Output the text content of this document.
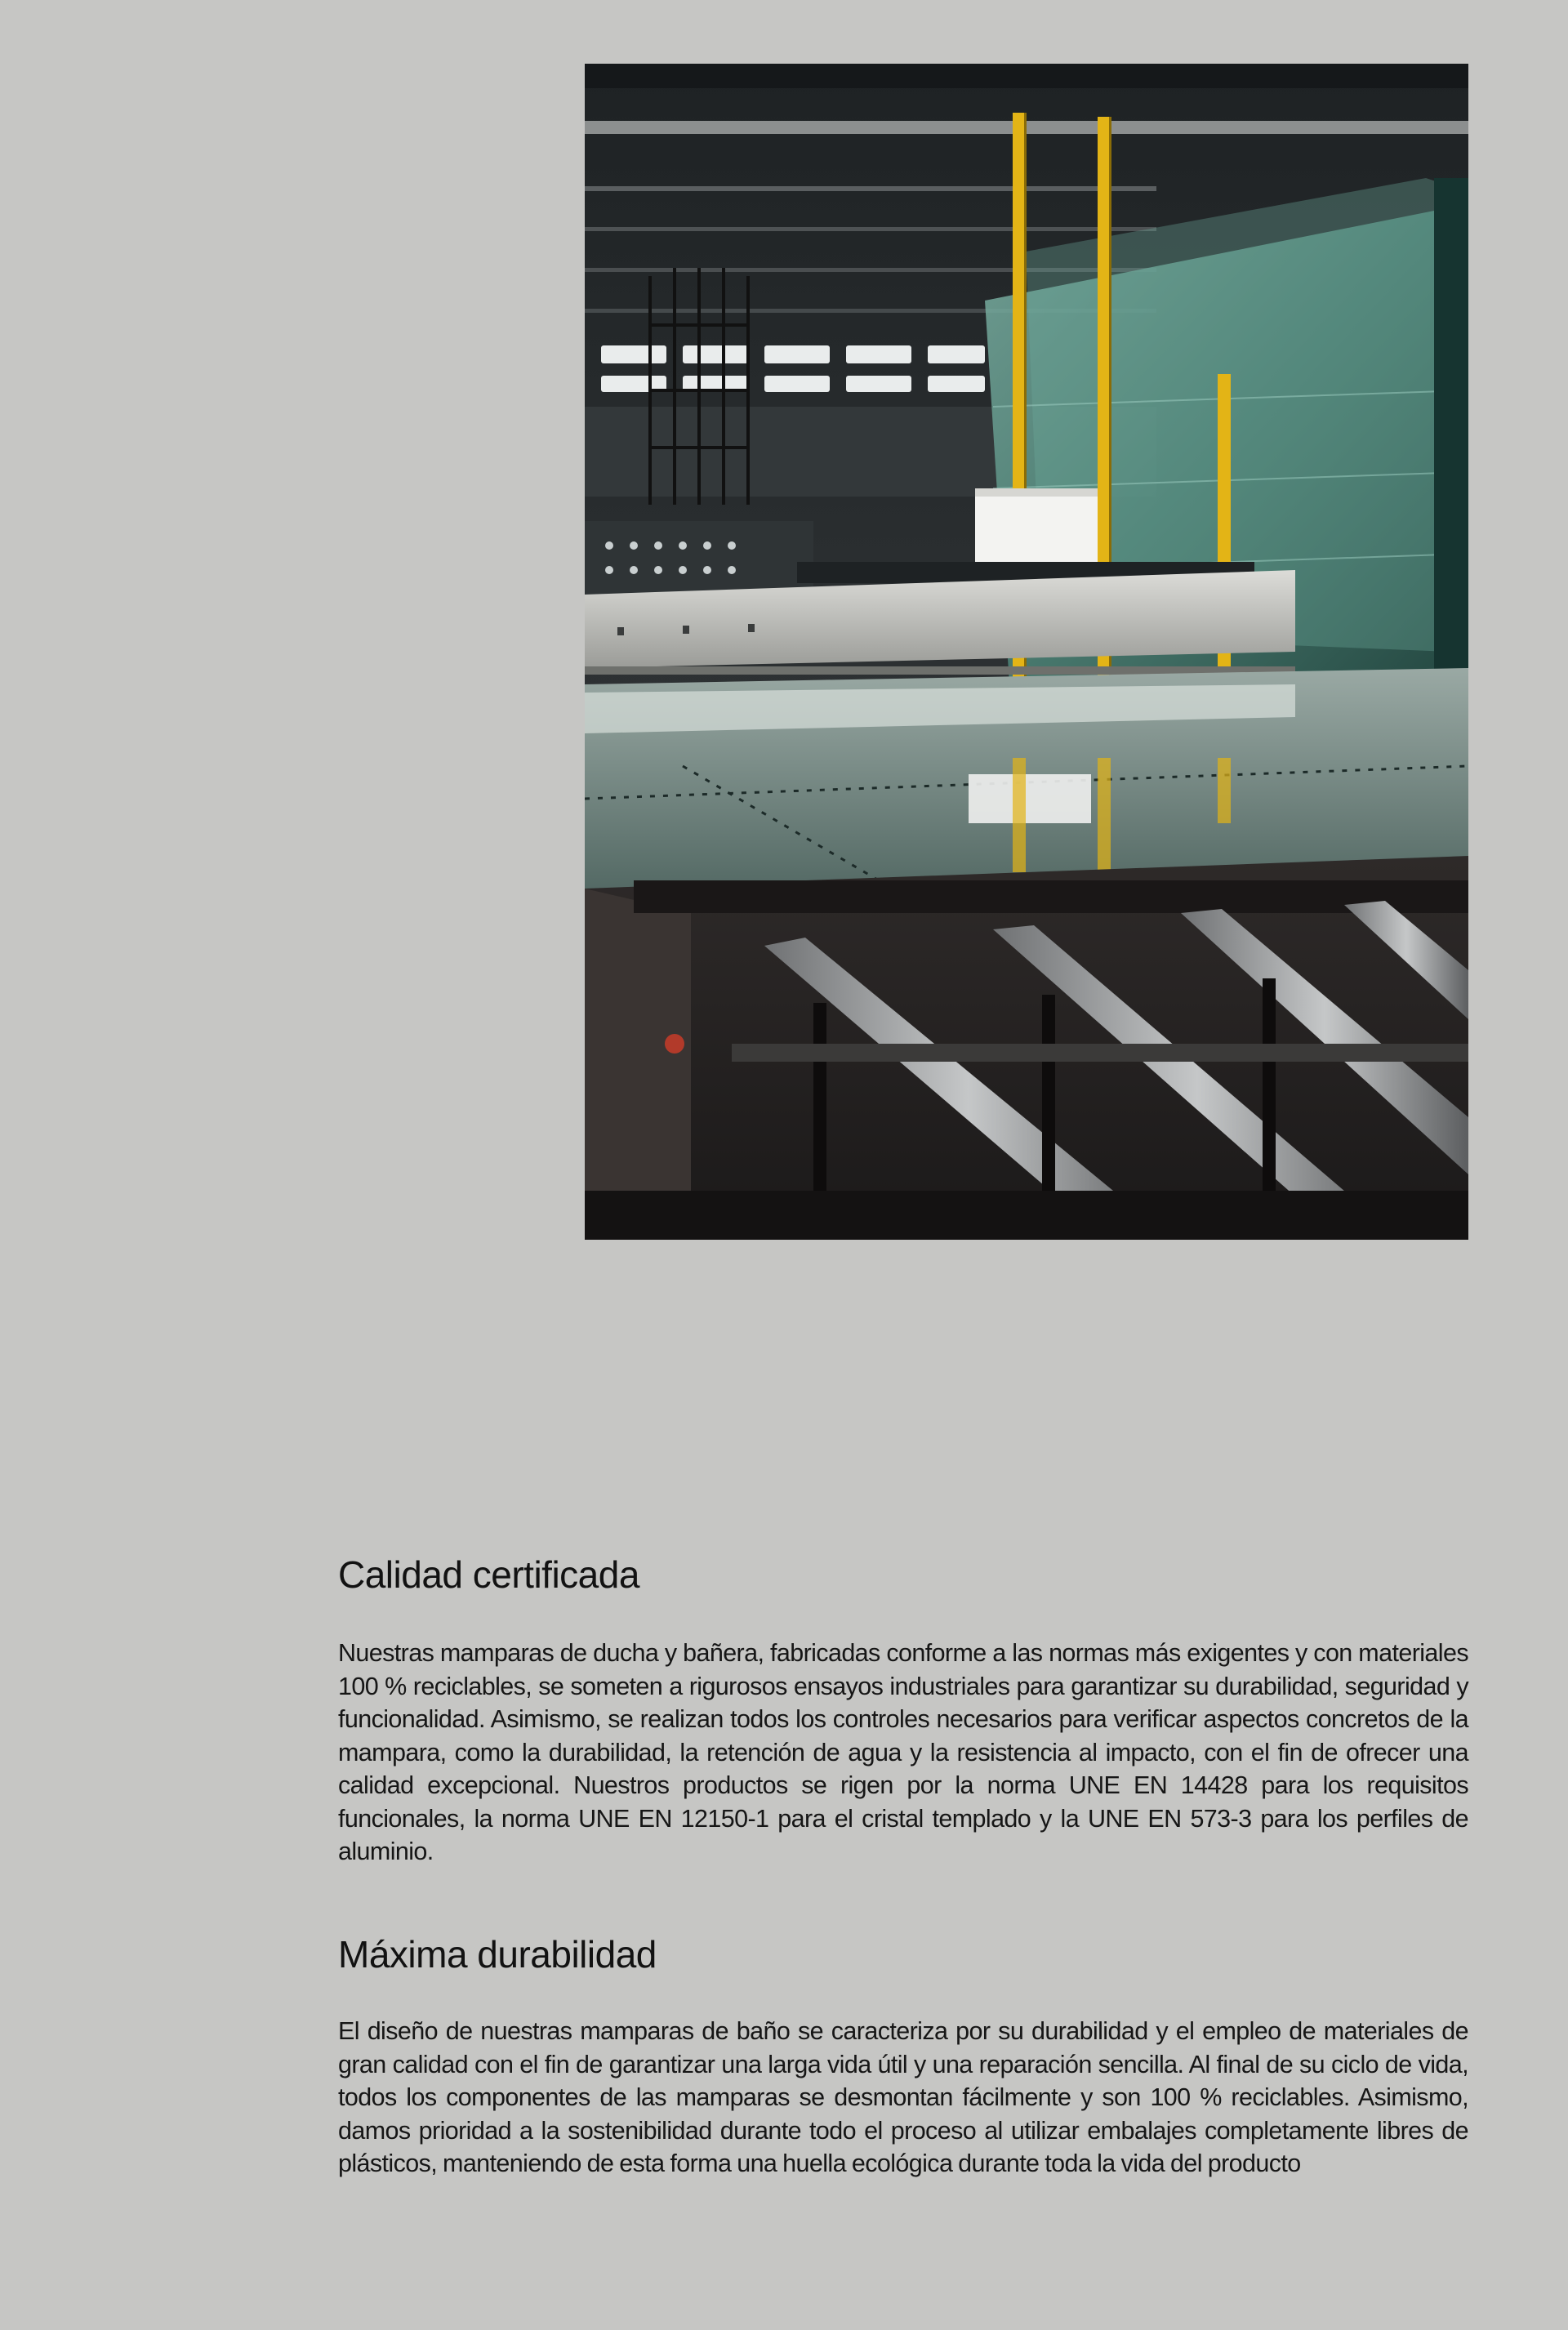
Calidad certificada

Nuestras mamparas de ducha y bañera, fabricadas conforme a las normas más exigentes y con materiales 100 % reciclables, se someten a rigurosos ensayos industriales para garantizar su durabilidad, seguridad y funcionalidad. Asimismo, se realizan todos los controles necesarios para verificar aspectos concretos de la mampara, como la durabilidad, la retención de agua y la resistencia al impacto, con el fin de ofrecer una calidad excepcional. Nuestros productos se rigen por la norma UNE EN 14428 para los requisitos funcionales, la norma UNE EN 12150-1 para el cristal templado y la UNE EN 573-3 para los perfiles de aluminio.

Máxima durabilidad

El diseño de nuestras mamparas de baño se caracteriza por su durabilidad y el empleo de materiales de gran calidad con el fin de garantizar una larga vida útil y una reparación sencilla. Al final de su ciclo de vida, todos los componentes de las mamparas se desmontan fácilmente y son 100 % reciclables. Asimismo, damos prioridad a la sostenibilidad durante todo el proceso al utilizar embalajes completamente libres de plásticos, manteniendo de esta forma una huella ecológica durante toda la vida del producto
